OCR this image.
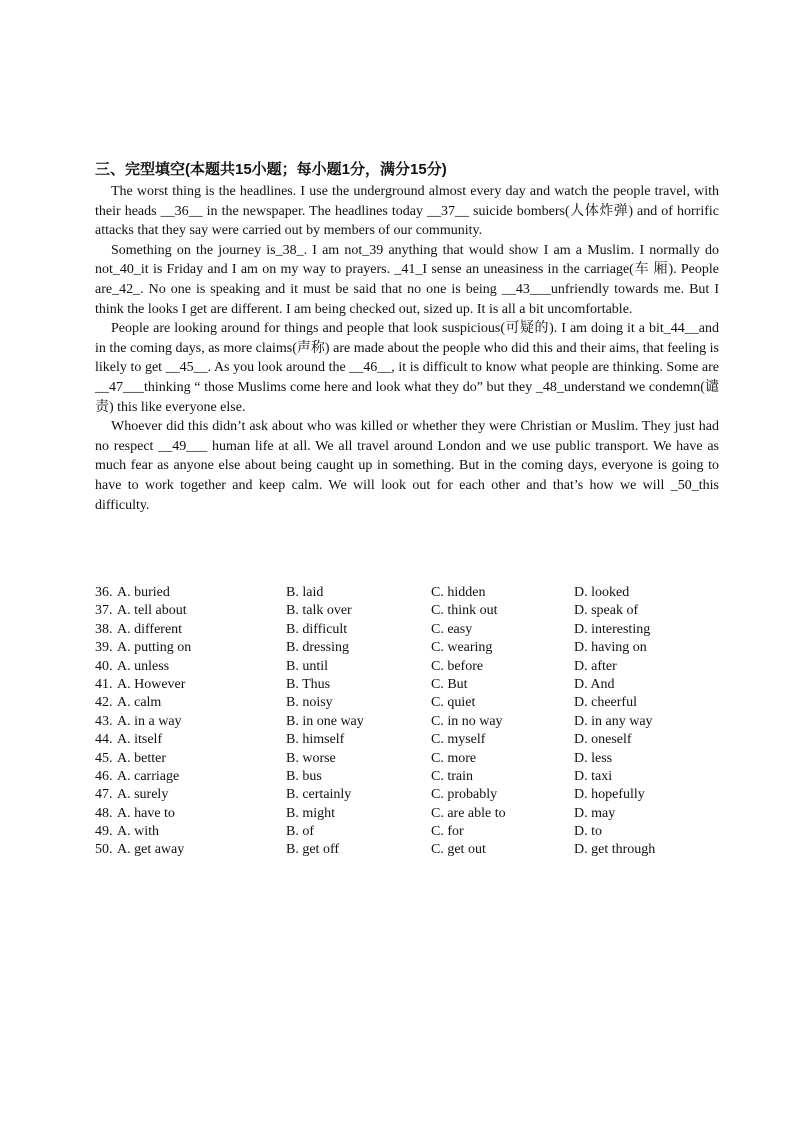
三、完型填空(本题共15小题；每小题1分，满分15分)

The worst thing is the headlines. I use the underground almost every day and watch the people travel, with their heads __36__ in the newspaper. The headlines today __37__ suicide bombers(人体炸弹) and of horrific attacks that they say were carried out by members of our community.

Something on the journey is_38_. I am not_39 anything that would show I am a Muslim. I normally do not_40_it is Friday and I am on my way to prayers. _41_I sense an uneasiness in the carriage(车 厢). People are_42_. No one is speaking and it must be said that no one is being __43___unfriendly towards me. But I think the looks I get are different. I am being checked out, sized up. It is all a bit uncomfortable.

People are looking around for things and people that look suspicious(可疑的). I am doing it a bit_44__and in the coming days, as more claims(声称) are made about the people who did this and their aims, that feeling is likely to get __45__. As you look around the __46__, it is difficult to know what people are thinking. Some are __47___thinking “ those Muslims come here and look what they do” but they _48_understand we condemn(谴责) this like everyone else.

Whoever did this didn’t ask about who was killed or whether they were Christian or Muslim. They just had no respect __49___ human life at all. We all travel around London and we use public transport. We have as much fear as anyone else about being caught up in something. But in the coming days, everyone is going to have to work together and keep calm. We will look out for each other and that’s how we will _50_this difficulty.

36. A. buried	B. laid	C. hidden	D. looked
37. A. tell about	B. talk over	C. think out	D. speak of
38. A. different	B. difficult	C. easy	D. interesting
39. A. putting on	B. dressing	C. wearing	D. having on
40. A. unless	B. until	C. before	D. after
41. A. However	B. Thus	C. But	D. And
42. A. calm	B. noisy	C. quiet	D. cheerful
43. A. in a way	B. in one way	C. in no way	D. in any way
44. A. itself	B. himself	C. myself	D. oneself
45. A. better	B. worse	C. more	D. less
46. A. carriage	B. bus	C. train	D. taxi
47. A. surely	B. certainly	C. probably	D. hopefully
48. A. have to	B. might	C. are able to	D. may
49. A. with	B. of	C. for	D. to
50. A. get away	B. get off	C. get out	D. get through
